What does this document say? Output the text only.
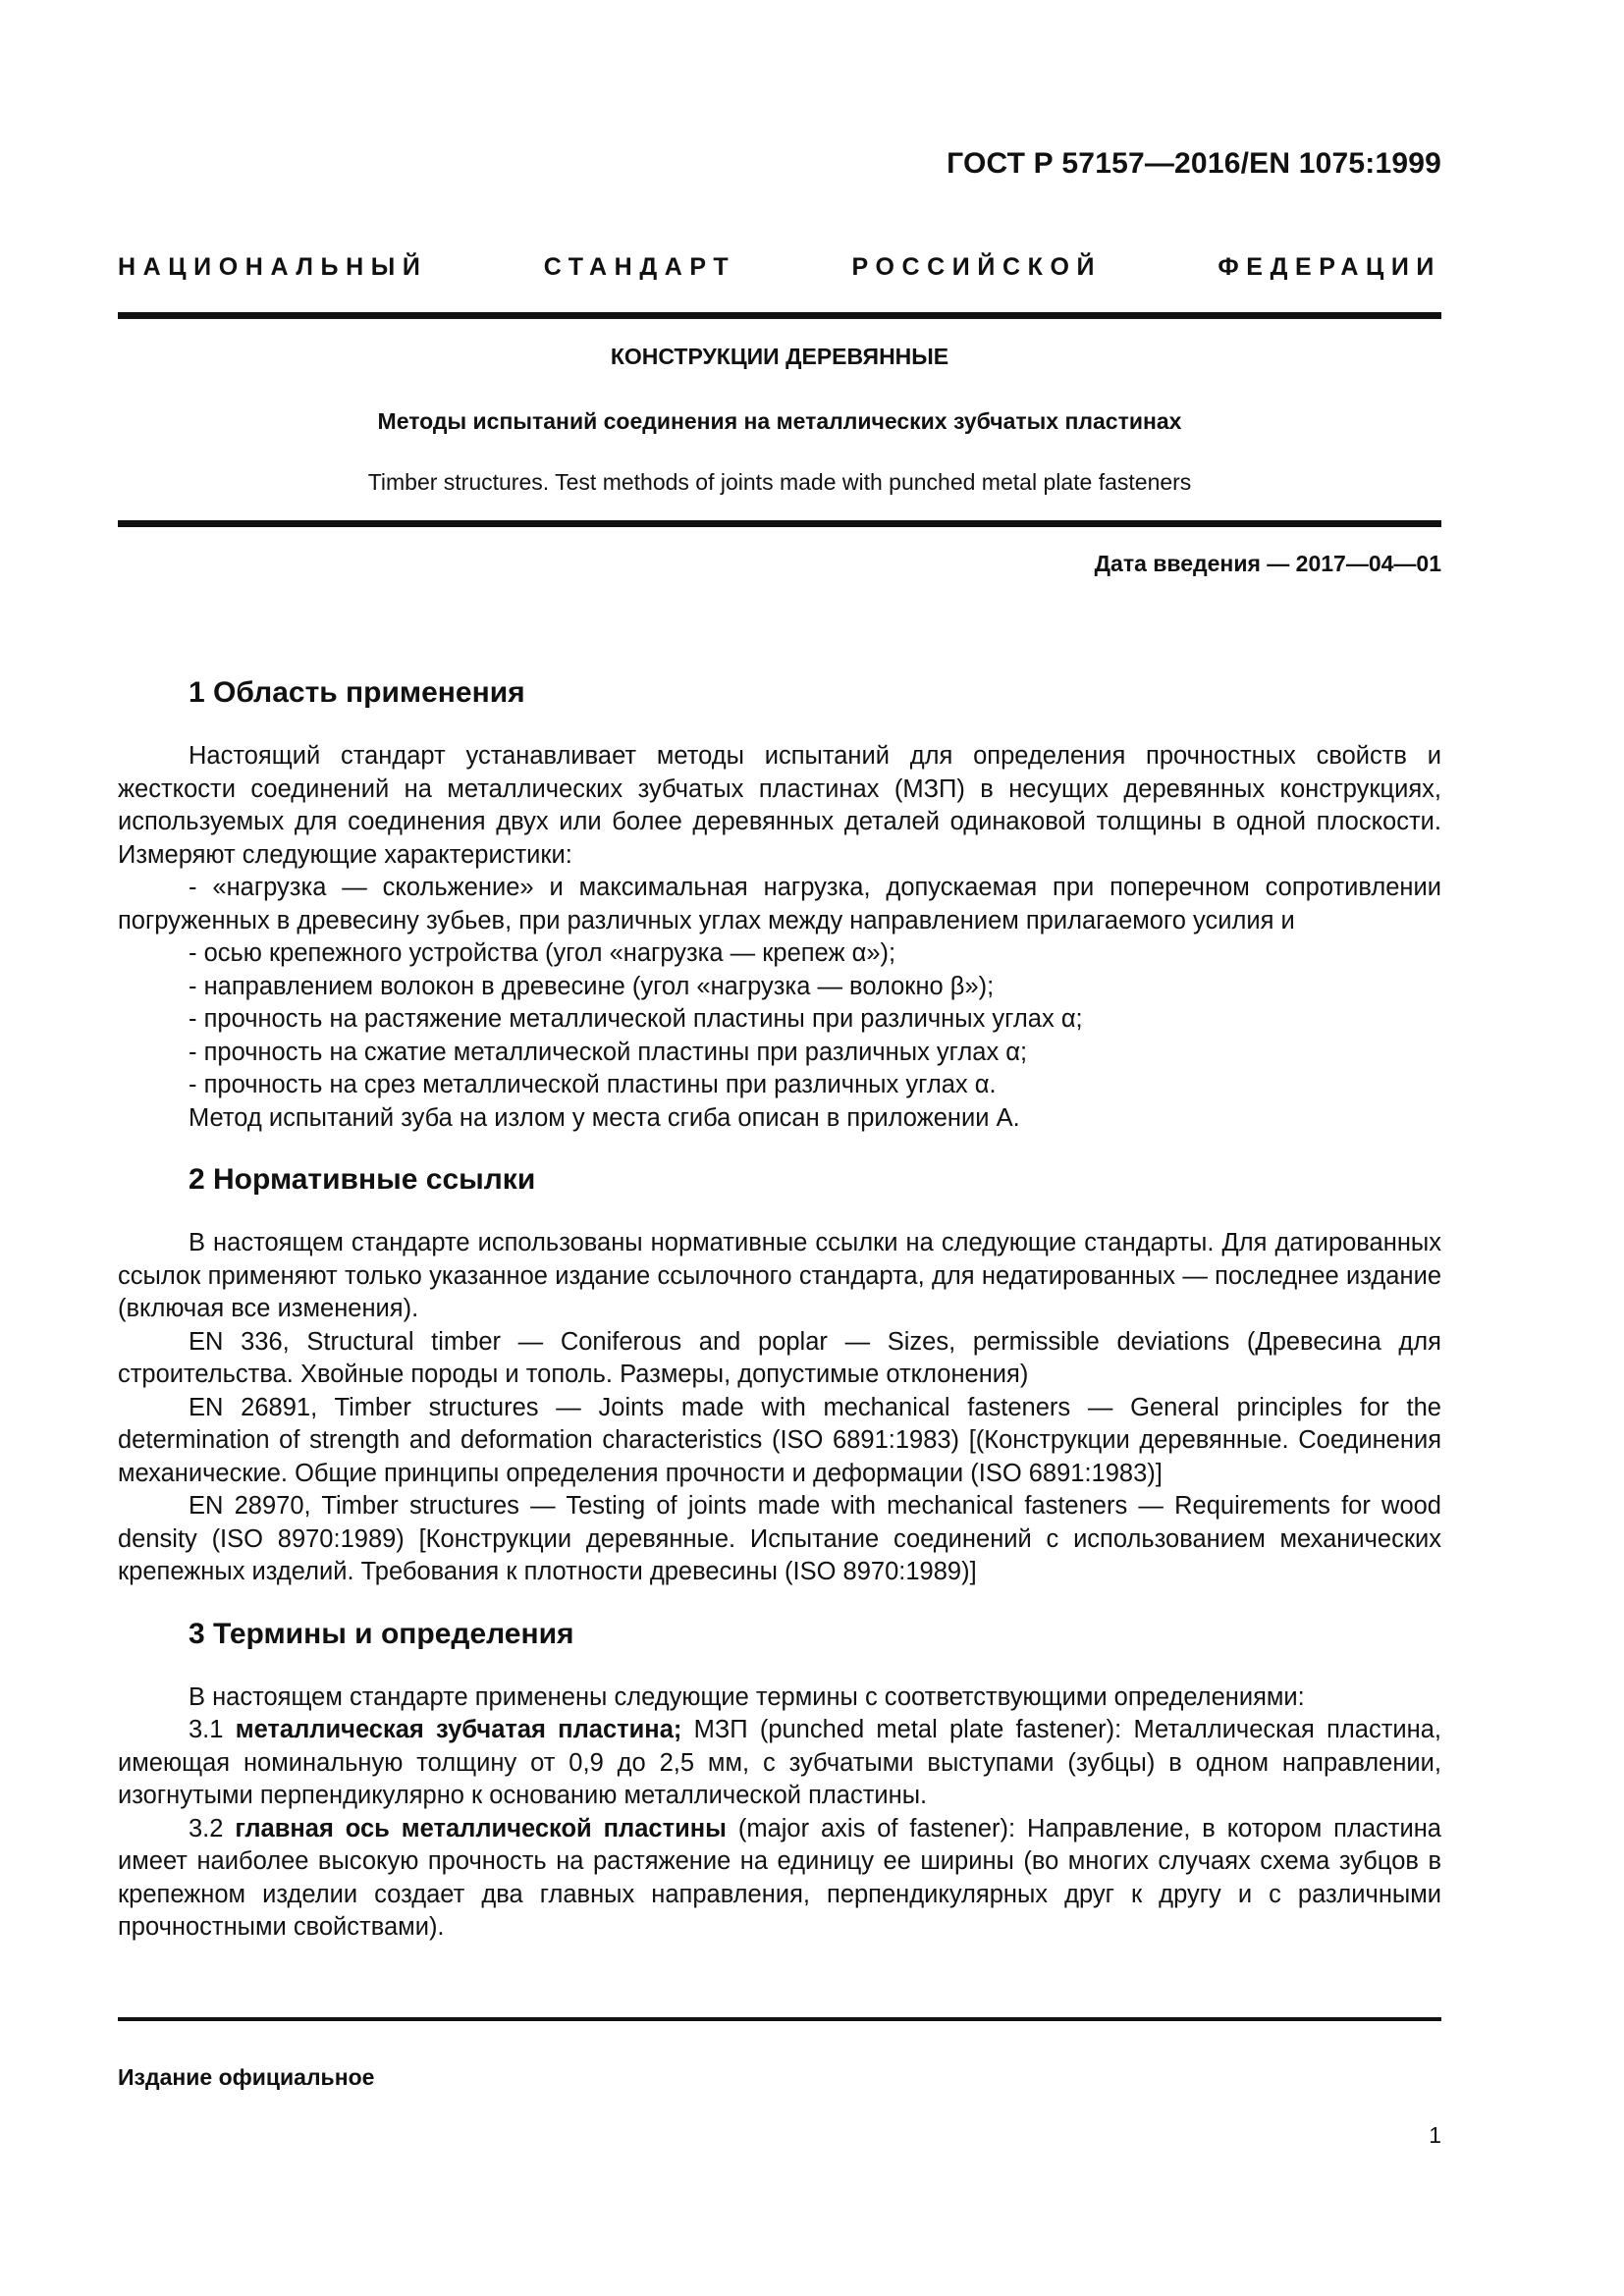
ГОСТ Р 57157—2016/EN 1075:1999
НАЦИОНАЛЬНЫЙ СТАНДАРТ РОССИЙСКОЙ ФЕДЕРАЦИИ
КОНСТРУКЦИИ ДЕРЕВЯННЫЕ
Методы испытаний соединения на металлических зубчатых пластинах
Timber structures. Test methods of joints made with punched metal plate fasteners
Дата введения — 2017—04—01
1 Область применения

Настоящий стандарт устанавливает методы испытаний для определения прочностных свойств и жесткости соединений на металлических зубчатых пластинах (МЗП) в несущих деревянных конструкциях, используемых для соединения двух или более деревянных деталей одинаковой толщины в одной плоскости. Измеряют следующие характеристики:

- «нагрузка — скольжение» и максимальная нагрузка, допускаемая при поперечном сопротивлении погруженных в древесину зубьев, при различных углах между направлением прилагаемого усилия и

- осью крепежного устройства (угол «нагрузка — крепеж α»);

- направлением волокон в древесине (угол «нагрузка — волокно β»);

- прочность на растяжение металлической пластины при различных углах α;

- прочность на сжатие металлической пластины при различных углах α;

- прочность на срез металлической пластины при различных углах α.

Метод испытаний зуба на излом у места сгиба описан в приложении А.

2 Нормативные ссылки

В настоящем стандарте использованы нормативные ссылки на следующие стандарты. Для датированных ссылок применяют только указанное издание ссылочного стандарта, для недатированных — последнее издание (включая все изменения).

EN 336, Structural timber — Coniferous and poplar — Sizes, permissible deviations (Древесина для строительства. Хвойные породы и тополь. Размеры, допустимые отклонения)

EN 26891, Timber structures — Joints made with mechanical fasteners — General principles for the determination of strength and deformation characteristics (ISO 6891:1983) [(Конструкции деревянные. Соединения механические. Общие принципы определения прочности и деформации (ISO 6891:1983)]

EN 28970, Timber structures — Testing of joints made with mechanical fasteners — Requirements for wood density (ISO 8970:1989) [Конструкции деревянные. Испытание соединений с использованием механических крепежных изделий. Требования к плотности древесины (ISO 8970:1989)]

3 Термины и определения

В настоящем стандарте применены следующие термины с соответствующими определениями:

3.1 металлическая зубчатая пластина; МЗП (punched metal plate fastener): Металлическая пластина, имеющая номинальную толщину от 0,9 до 2,5 мм, с зубчатыми выступами (зубцы) в одном направлении, изогнутыми перпендикулярно к основанию металлической пластины.

3.2 главная ось металлической пластины (major axis of fastener): Направление, в котором пластина имеет наиболее высокую прочность на растяжение на единицу ее ширины (во многих случаях схема зубцов в крепежном изделии создает два главных направления, перпендикулярных друг к другу и с различными прочностными свойствами).

Издание официальное
1
